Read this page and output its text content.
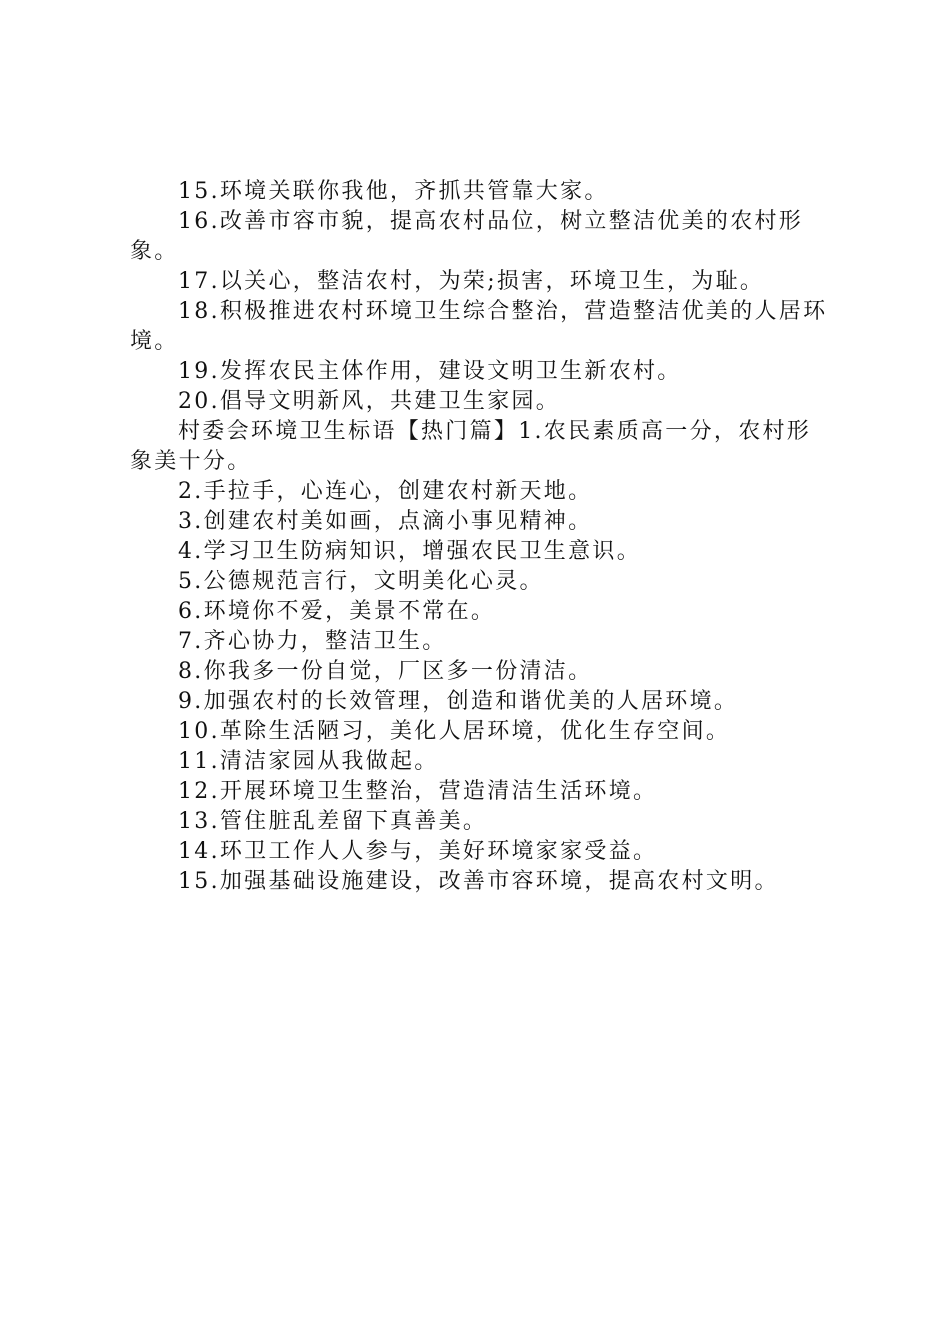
15.环境关联你我他，齐抓共管靠大家。

16.改善市容市貌，提高农村品位，树立整洁优美的农村形象。

17.以关心，整洁农村，为荣;损害，环境卫生，为耻。

18.积极推进农村环境卫生综合整治，营造整洁优美的人居环境。

19.发挥农民主体作用，建设文明卫生新农村。

20.倡导文明新风，共建卫生家园。

村委会环境卫生标语【热门篇】1.农民素质高一分，农村形象美十分。

2.手拉手，心连心，创建农村新天地。

3.创建农村美如画，点滴小事见精神。

4.学习卫生防病知识，增强农民卫生意识。

5.公德规范言行，文明美化心灵。

6.环境你不爱，美景不常在。

7.齐心协力，整洁卫生。

8.你我多一份自觉，厂区多一份清洁。

9.加强农村的长效管理，创造和谐优美的人居环境。

10.革除生活陋习，美化人居环境，优化生存空间。

11.清洁家园从我做起。

12.开展环境卫生整治，营造清洁生活环境。

13.管住脏乱差留下真善美。

14.环卫工作人人参与，美好环境家家受益。

15.加强基础设施建设，改善市容环境，提高农村文明。
